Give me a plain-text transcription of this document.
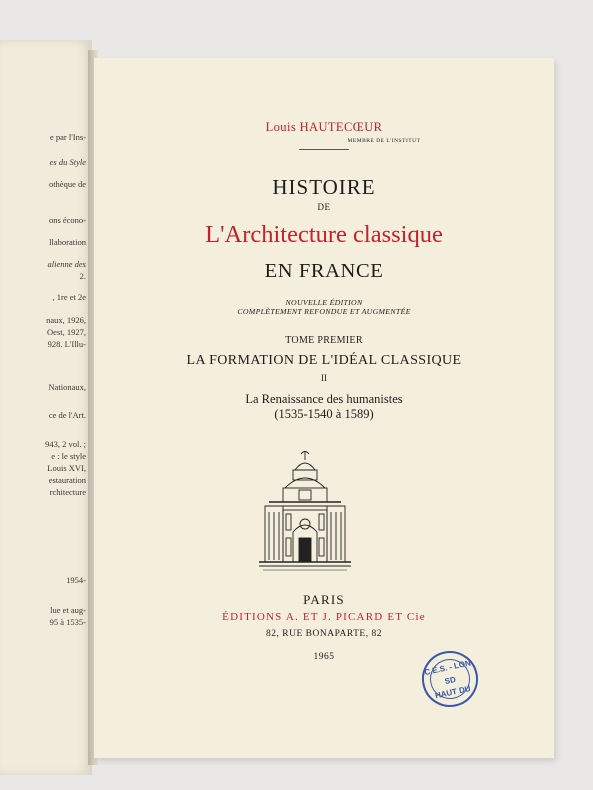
e par l'Ins-
es du Style
othèque de
ons écono-
llaboration
alienne des
2.
, 1re et 2e
naux, 1926,
Oest, 1927,
928. L'Illu-
Nationaux,
ce de l'Art.
943, 2 vol. ;
e : le style
Louis XVI,
estauration
rchitecture
1954-
lue et aug-
95 à 1535-
Louis HAUTECŒUR
MEMBRE DE L'INSTITUT
HISTOIRE
DE
L'Architecture classique
EN FRANCE
NOUVELLE ÉDITION
COMPLÈTEMENT REFONDUE ET AUGMENTÉE
TOME PREMIER
LA FORMATION DE L'IDÉAL CLASSIQUE
II
La Renaissance des humanistes
(1535-1540 à 1589)
PARIS
ÉDITIONS A. ET J. PICARD ET Cie
82, RUE BONAPARTE, 82
1965
C.E.S. - LON
SD
HAUT DU
